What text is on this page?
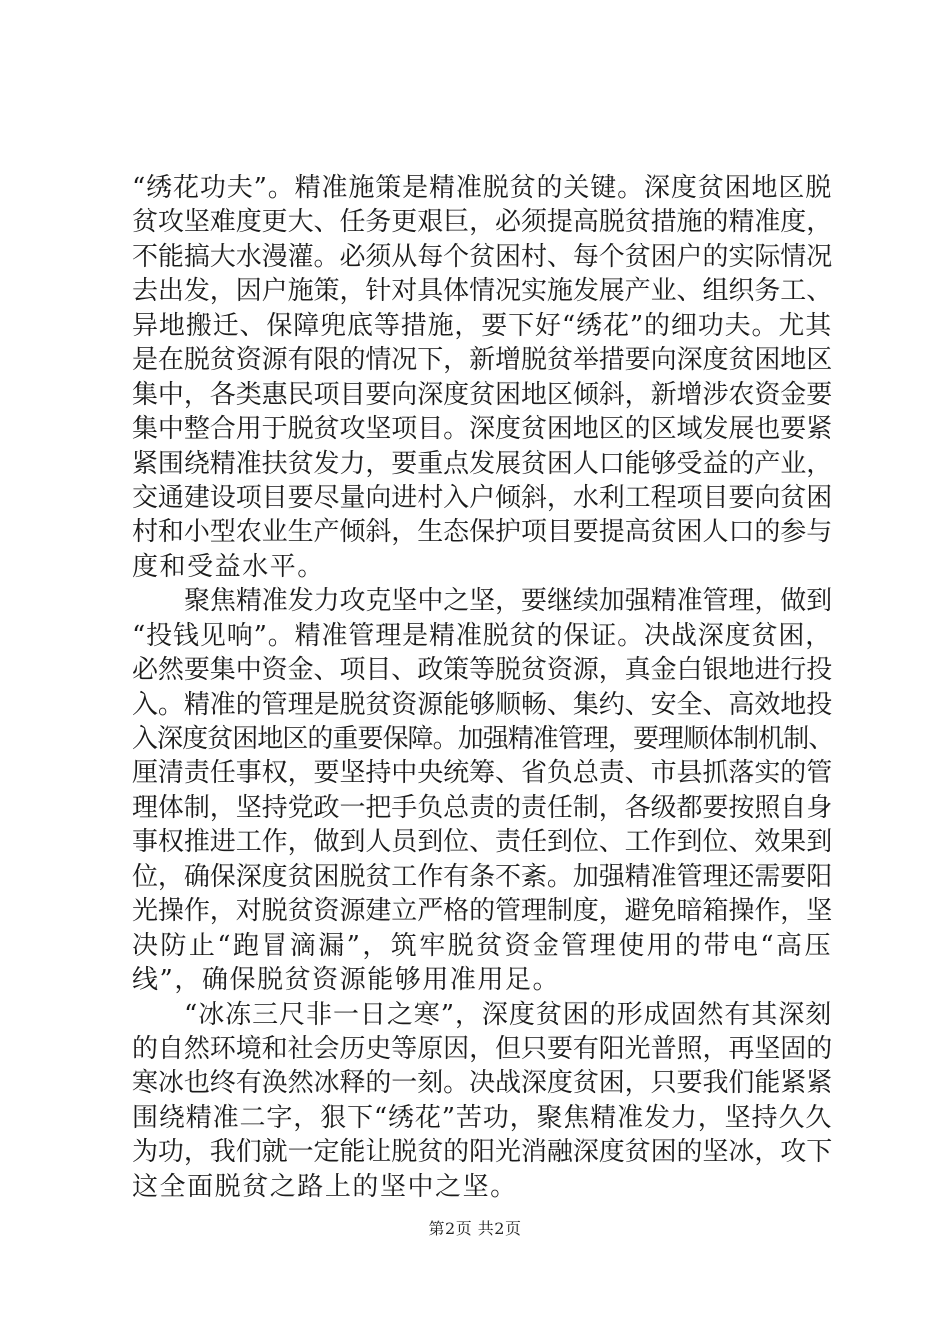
“绣花功夫”。精准施策是精准脱贫的关键。深度贫困地区脱
贫攻坚难度更大、任务更艰巨，必须提高脱贫措施的精准度，
不能搞大水漫灌。必须从每个贫困村、每个贫困户的实际情况
去出发，因户施策，针对具体情况实施发展产业、组织务工、
异地搬迁、保障兜底等措施，要下好“绣花”的细功夫。尤其
是在脱贫资源有限的情况下，新增脱贫举措要向深度贫困地区
集中，各类惠民项目要向深度贫困地区倾斜，新增涉农资金要
集中整合用于脱贫攻坚项目。深度贫困地区的区域发展也要紧
紧围绕精准扶贫发力，要重点发展贫困人口能够受益的产业，
交通建设项目要尽量向进村入户倾斜，水利工程项目要向贫困
村和小型农业生产倾斜，生态保护项目要提高贫困人口的参与
度和受益水平。
聚焦精准发力攻克坚中之坚，要继续加强精准管理，做到
“投钱见响”。精准管理是精准脱贫的保证。决战深度贫困，
必然要集中资金、项目、政策等脱贫资源，真金白银地进行投
入。精准的管理是脱贫资源能够顺畅、集约、安全、高效地投
入深度贫困地区的重要保障。加强精准管理，要理顺体制机制、
厘清责任事权，要坚持中央统筹、省负总责、市县抓落实的管
理体制，坚持党政一把手负总责的责任制，各级都要按照自身
事权推进工作，做到人员到位、责任到位、工作到位、效果到
位，确保深度贫困脱贫工作有条不紊。加强精准管理还需要阳
光操作，对脱贫资源建立严格的管理制度，避免暗箱操作，坚
决防止“跑冒滴漏”，筑牢脱贫资金管理使用的带电“高压
线”，确保脱贫资源能够用准用足。
“冰冻三尺非一日之寒”，深度贫困的形成固然有其深刻
的自然环境和社会历史等原因，但只要有阳光普照，再坚固的
寒冰也终有涣然冰释的一刻。决战深度贫困，只要我们能紧紧
围绕精准二字，狠下“绣花”苦功，聚焦精准发力，坚持久久
为功，我们就一定能让脱贫的阳光消融深度贫困的坚冰，攻下
这全面脱贫之路上的坚中之坚。
第2页 共2页
